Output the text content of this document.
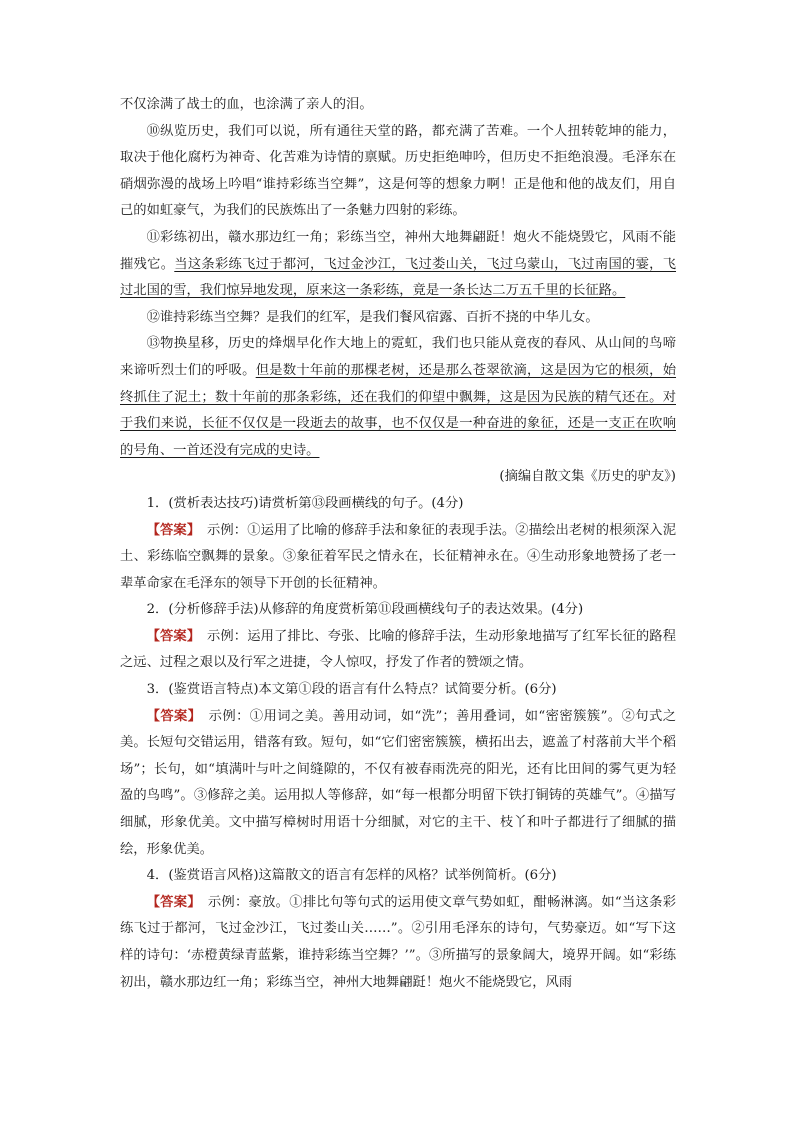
不仅涂满了战士的血，也涂满了亲人的泪。

⑩纵览历史，我们可以说，所有通往天堂的路，都充满了苦难。一个人扭转乾坤的能力，取决于他化腐朽为神奇、化苦难为诗情的禀赋。历史拒绝呻吟，但历史不拒绝浪漫。毛泽东在硝烟弥漫的战场上吟唱“谁持彩练当空舞”，这是何等的想象力啊！正是他和他的战友们，用自己的如虹豪气，为我们的民族炼出了一条魅力四射的彩练。

⑪彩练初出，赣水那边红一角；彩练当空，神州大地舞翩跹！炮火不能烧毁它，风雨不能摧残它。当这条彩练飞过于都河，飞过金沙江，飞过娄山关，飞过乌蒙山，飞过南国的霎，飞过北国的雪，我们惊异地发现，原来这一条彩练，竟是一条长达二万五千里的长征路。

⑫谁持彩练当空舞？是我们的红军，是我们餐风宿露、百折不挠的中华儿女。

⑬物换星移，历史的烽烟早化作大地上的霓虹，我们也只能从竟夜的春风、从山间的鸟啼来谛听烈士们的呼吸。但是数十年前的那棵老树，还是那么苍翠欲滴，这是因为它的根须，始终抓住了泥土；数十年前的那条彩练，还在我们的仰望中飘舞，这是因为民族的精气还在。对于我们来说，长征不仅仅是一段逝去的故事，也不仅仅是一种奋进的象征，还是一支正在吹响的号角、一首还没有完成的史诗。

(摘编自散文集《历史的驴友》)

1．(赏析表达技巧)请赏析第⑬段画横线的句子。(4分)

【 答案 】　示例：①运用了比喻的修辞手法和象征的表现手法。②描绘出老树的根须深入泥土、彩练临空飘舞的景象。③象征着军民之情永在，长征精神永在。④生动形象地赞扬了老一辈革命家在毛泽东的领导下开创的长征精神。

2．(分析修辞手法)从修辞的角度赏析第⑪段画横线句子的表达效果。(4分)

【 答案 】　示例：运用了排比、夸张、比喻的修辞手法，生动形象地描写了红军长征的路程之远、过程之艰以及行军之进捷，令人惊叹，抒发了作者的赞颂之情。

3．(鉴赏语言特点)本文第①段的语言有什么特点？试简要分析。(6分)

【 答案 】　示例：①用词之美。善用动词，如“洗”；善用叠词，如“密密簇簇”。②句式之美。长短句交错运用，错落有致。短句，如“它们密密簇簇，横拓出去，遮盖了村落前大半个稻场”；长句，如“填满叶与叶之间缝隙的，不仅有被春雨洗亮的阳光，还有比田间的雾气更为轻盈的鸟鸣”。③修辞之美。运用拟人等修辞，如“每一根都分明留下铁打铜铸的英雄气”。④描写细腻，形象优美。文中描写樟树时用语十分细腻，对它的主干、枝丫和叶子都进行了细腻的描绘，形象优美。

4．(鉴赏语言风格)这篇散文的语言有怎样的风格？试举例简析。(6分)

【 答案 】　示例：豪放。①排比句等句式的运用使文章气势如虹，酣畅淋漓。如“当这条彩练飞过于都河，飞过金沙江，飞过娄山关……”。②引用毛泽东的诗句，气势豪迈。如“写下这样的诗句：‘赤橙黄绿青蓝紫，谁持彩练当空舞？’”。③所描写的景象阔大，境界开阔。如“彩练初出，赣水那边红一角；彩练当空，神州大地舞翩跹！炮火不能烧毁它，风雨
